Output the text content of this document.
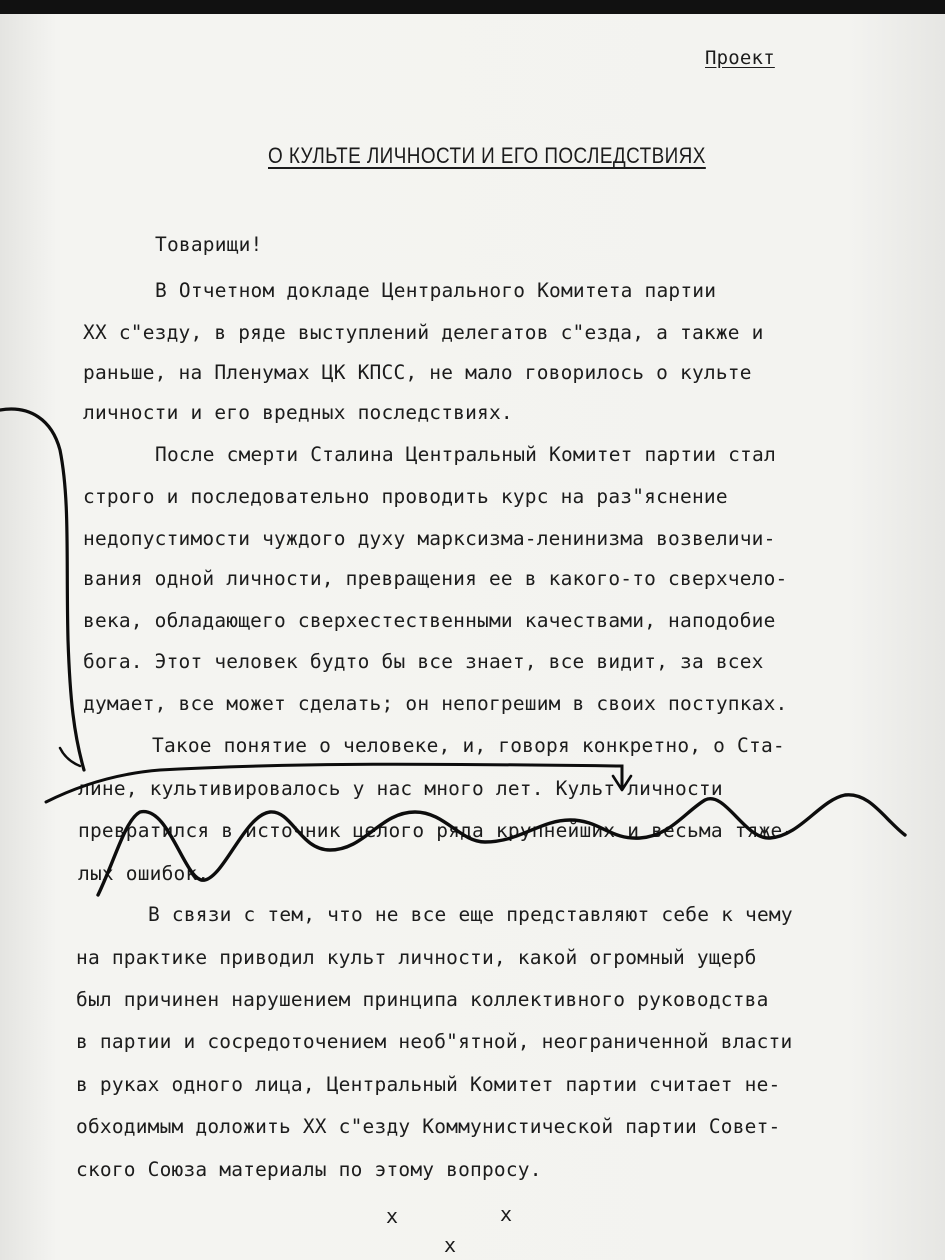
Проект
О КУЛЬТЕ ЛИЧНОСТИ И ЕГО ПОСЛЕДСТВИЯХ
Товарищи!
В Отчетном докладе Центрального Комитета партии
XX с"езду, в ряде выступлений делегатов с"езда, а также и
раньше, на Пленумах ЦК КПСС, не мало говорилось о культе
личности и его вредных последствиях.
После смерти Сталина Центральный Комитет партии стал
строго и последовательно проводить курс на раз"яснение
недопустимости чуждого духу марксизма-ленинизма возвеличи-
вания одной личности, превращения ее в какого-то сверхчело-
века, обладающего сверхестественными качествами, наподобие
бога. Этот человек будто бы все знает, все видит, за всех
думает, все может сделать; он непогрешим в своих поступках.
Такое понятие о человеке, и, говоря конкретно, о Ста-
лине, культивировалось у нас много лет. Культ личности
превратился в источник целого ряда крупнейших и весьма тяже-
лых ошибок.
В связи с тем, что не все еще представляют себе к чему
на практике приводил культ личности, какой огромный ущерб
был причинен нарушением принципа коллективного руководства
в партии и сосредоточением необ"ятной, неограниченной власти
в руках одного лица, Центральный Комитет партии считает не-
обходимым доложить XX с"езду Коммунистической партии Совет-
ского Союза материалы по этому вопросу.
x	x
x
